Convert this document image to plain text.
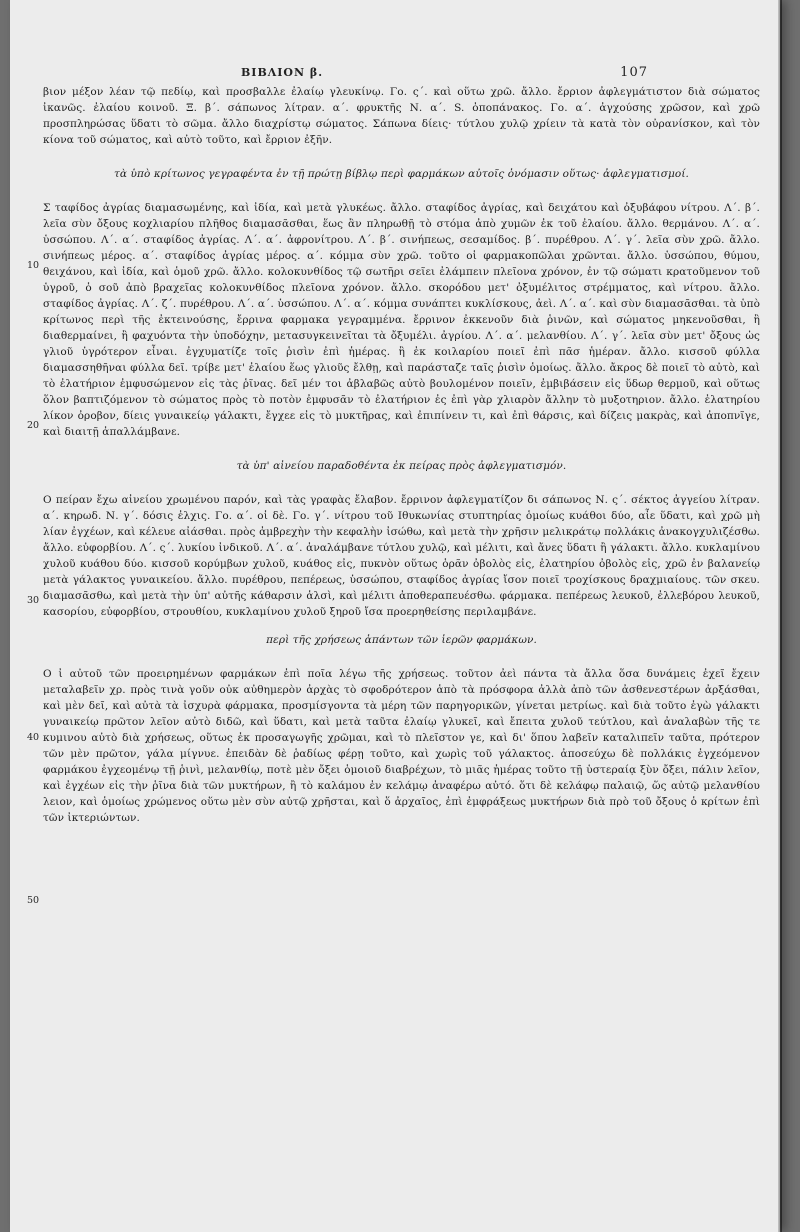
ΒΙΒΛΙΟΝ β.	107
10
20
30
40
50

βιον μέξον λέαν τῷ πεδίῳ, καὶ προσβαλλε ἐλαίῳ γλευκίνῳ. Γο. ς΄. καὶ οὕτω χρῶ. ἄλλο. ἔρριον ἀφλεγμάτιστον διὰ σώματος ἰκανῶς. ἐλαίου κοινοῦ. Ξ. β΄. σάπωνος λίτραν. α΄. φρυκτῆς Ν. α΄. S. ὀποπάνακος. Γο. α΄. ἀγχούσης χρῶσον, καὶ χρῶ προσπληρώσας ὕδατι τὸ σῶμα. ἄλλο διαχρίστῳ σώματος. Σάπωνα δίεις· τύτλου χυλῷ χρίειν τὰ κατὰ τὸν οὐρανίσκον, καὶ τὸν κίονα τοῦ σώματος, καὶ αὐτὸ τοῦτο, καὶ ἔρριον ἐξῆν.

τὰ ὑπὸ κρίτωνος γεγραφέντα ἐν τῇ πρώτῃ βίβλῳ περὶ φαρμάκων αὐτοῖς ὀνόμασιν οὕτως· ἀφλεγματισμοί.

Σ ταφίδος ἀγρίας διαμασωμένης, καὶ ἰδία, καὶ μετὰ γλυκέως. ἄλλο. σταφίδος ἀγρίας, καὶ δειχάτου καὶ ὀξυβάφου νίτρου. Λ΄. β΄. λεῖα σὺν ὄξους κοχλιαρίου πλῆθος διαμασᾶσθαι, ἕως ἂν πληρωθῇ τὸ στόμα ἀπὸ χυμῶν ἐκ τοῦ ἐλαίου. ἄλλο. θερμάνου. Λ΄. α΄. ὑσσώπου. Λ΄. α΄. σταφίδος ἀγρίας. Λ΄. α΄. ἀφρονίτρου. Λ΄. β΄. σινήπεως, σεσαμίδος. β΄. πυρέθρου. Λ΄. γ΄. λεῖα σὺν χρῶ. ἄλλο. σινήπεως μέρος. α΄. σταφίδος ἀγρίας μέρος. α΄. κόμμα σὺν χρῶ. τοῦτο οἱ φαρμακοπῶλαι χρῶνται. ἄλλο. ὑσσώπου, θύμου, θειχάνου, καὶ ἰδία, καὶ ὁμοῦ χρῶ. ἄλλο. κολοκυνθίδος τῷ σωτῆρι σεῖει ἐλάμπειν πλεῖονα χρόνον, ἐν τῷ σώματι κρατοῦμενον τοῦ ὑγροῦ, ὁ σοῦ ἀπὸ βραχεῖας κολοκυνθίδος πλεῖονα χρόνον. ἄλλο. σκορόδου μετ' ὀξυμέλιτος στρέμματος, καὶ νίτρου. ἄλλο. σταφίδος ἀγρίας. Λ΄. ζ΄. πυρέθρου. Λ΄. α΄. ὑσσώπου. Λ΄. α΄. κόμμα συνάπτει κυκλίσκους, ἀεὶ. Λ΄. α΄. καὶ σὺν διαμασᾶσθαι. τὰ ὑπὸ κρίτωνος περὶ τῆς ἐκτεινούσης, ἔρρινα φαρμακα γεγραμμένα. ἔρρινον ἐκκενοῦν διὰ ῥινῶν, καὶ σώματος μηκενοῦσθαι, ἢ διαθερμαίνει, ἢ φαχυόντα τὴν ὑποδόχην, μετασυγκεινεῖται τὰ ὄξυμέλι. ἀγρίου. Λ΄. α΄. μελανθίου. Λ΄. γ΄. λεῖα σὺν μετ' ὄξους ὡς γλιοῦ ὑγρότερον εἶναι. ἐγχυματίζε τοῖς ῥισὶν ἐπὶ ἡμέρας. ἢ ἐκ κοιλαρίου ποιεῖ ἐπὶ πᾶσ ἡμέραν. ἄλλο. κισσοῦ φύλλα διαμασσηθῆναι φύλλα δεῖ. τρίβε μετ' ἐλαίου ἕως γλιοῦς ἔλθῃ, καὶ παράσταζε ταῖς ῥισὶν ὁμοίως. ἄλλο. ἄκρος δὲ ποιεῖ τὸ αὐτὸ, καὶ τὸ ἐλατήριον ἐμφυσώμενον εἰς τὰς ῥῖνας. δεῖ μέν τοι ἀβλαβῶς αὐτὸ βουλομένον ποιεῖν, ἐμβιβάσειν εἰς ὕδωρ θερμοῦ, καὶ οὕτως ὅλον βαπτιζόμενον τὸ σώματος πρὸς τὸ ποτὸν ἐμφυσᾶν τὸ ἐλατήριον ἐς ἐπὶ γὰρ χλιαρὸν ἄλλην τὸ μυξοτηριον. ἄλλο. ἐλατηρίου λίκον ὀροβον, δίεις γυναικείῳ γάλακτι, ἔγχεε εἰς τὸ μυκτῆρας, καὶ ἐπιπίνειν τι, καὶ ἐπὶ θάρσις, καὶ δίζεις μακρὰς, καὶ ἀποπνῖγε, καὶ διαιτῇ ἀπαλλάμβανε.

τὰ ὑπ' αἰνείου παραδοθέντα ἐκ πείρας πρὸς ἀφλεγματισμόν.

Ο πείραν ἔχω αἰνείου χρωμένου παρόν, καὶ τὰς γραφὰς ἔλαβον. ἔρρινον ἀφλεγματίζον δι σάπωνος Ν. ς΄. σέκτος ἀγγείου λίτραν. α΄. κηρωδ. Ν. γ΄. δόσις ἐλχις. Γο. α΄. οἱ δὲ. Γο. γ΄. νίτρου τοῦ Ιθυκωνίας στυπτηρίας ὁμοίως κυάθοι δύο, αἶε ὕδατι, καὶ χρῶ μὴ λίαν ἐγχέων, καὶ κέλευε αἰάσθαι. πρὸς ἀμβρεχὴν τὴν κεφαλὴν ἰσώθω, καὶ μετὰ τὴν χρῆσιν μελικράτῳ πολλάκις ἀνακογχυλιζέσθω. ἄλλο. εὐφορβίου. Λ΄. ς΄. λυκίου ἰνδικοῦ. Λ΄. α΄. ἀναλάμβανε τύτλου χυλῷ, καὶ μέλιτι, καὶ ἄνες ὕδατι ἢ γάλακτι. ἄλλο. κυκλαμίνου χυλοῦ κυάθου δύο. κισσοῦ κορύμβων χυλοῦ, κυάθος εἰς, πυκνὸν οὕτως ὁρᾶν ὀβολὸς εἰς, ἐλατηρίου ὀβολὸς εἰς, χρῶ ἐν βαλανείῳ μετὰ γάλακτος γυναικείου. ἄλλο. πυρέθρου, πεπέρεως, ὑσσώπου, σταφίδος ἀγρίας ἴσον ποιεῖ τροχίσκους δραχμιαίους. τῶν σκευ. διαμασᾶσθω, καὶ μετὰ τὴν ὑπ' αὐτῆς κάθαρσιν ἁλσὶ, καὶ μέλιτι ἀποθεραπευέσθω. φάρμακα. πεπέρεως λευκοῦ, ἐλλεβόρου λευκοῦ, κασορίου, εὐφορβίου, στρουθίου, κυκλαμίνου χυλοῦ ξηροῦ ἴσα προερηθείσης περιλαμβάνε.

περὶ τῆς χρήσεως ἁπάντων τῶν ἱερῶν φαρμάκων.

Ο ἰ αὐτοῦ τῶν προειρημένων φαρμάκων ἐπὶ ποῖα λέγω τῆς χρήσεως. τοῦτον ἀεὶ πάντα τὰ ἄλλα ὅσα δυνάμεις ἐχεῖ ἔχειν μεταλαβεῖν χρ. πρὸς τινὰ γοῦν οὐκ αὐθημερὸν ἀρχὰς τὸ σφοδρότερον ἁπὸ τὰ πρόσφορα ἀλλὰ ἀπὸ τῶν ἀσθενεστέρων ἀρξάσθαι, καὶ μὲν δεῖ, καὶ αὐτὰ τὰ ἰσχυρὰ φάρμακα, προσμίσγοντα τὰ μέρη τῶν παρηγορικῶν, γίνεται μετρίως. καὶ διὰ τοῦτο ἐγὼ γάλακτι γυναικείῳ πρῶτον λεῖον αὐτὸ διδῶ, καὶ ὕδατι, καὶ μετὰ ταῦτα ἐλαίῳ γλυκεῖ, καὶ ἔπειτα χυλοῦ τεύτλου, καὶ ἀναλαβὼν τῆς τε κυμινου αὐτὸ διὰ χρήσεως, οὕτως ἐκ προσαγωγῆς χρῶμαι, καὶ τὸ πλεῖστον γε, καὶ δι' ὅπου λαβεῖν καταλιπεῖν ταῦτα, πρότερον τῶν μὲν πρῶτον, γάλα μίγνυε. ἐπειδὰν δὲ ῥαδίως φέρῃ τοῦτο, καὶ χωρὶς τοῦ γάλακτος. ἀποσεύχω δὲ πολλάκις ἐγχεόμενον φαρμάκου ἐγχεομένῳ τῇ ῥινὶ, μελανθίῳ, ποτὲ μὲν ὄξει ὁμοιοῦ διαβρέχων, τὸ μιᾶς ἡμέρας τοῦτο τῇ ὑστεραίᾳ ξὺν ὄξει, πάλιν λεῖον, καὶ ἐγχέων εἰς τὴν ῥῖνα διὰ τῶν μυκτήρων, ἢ τὸ καλάμου ἐν κελάμῳ ἀναφέρω αὐτό. ὅτι δὲ κελάφῳ παλαιῷ, ὥς αὐτῷ μελανθίου λειον, καὶ ὁμοίως χρώμενος οὕτω μὲν σὺν αὐτῷ χρῆσται, καὶ ὅ ἀρχαῖος, ἐπὶ ἐμφράξεως μυκτήρων διὰ πρὸ τοῦ ὄξους ὁ κρίτων ἐπὶ τῶν ἰκτεριώντων.
